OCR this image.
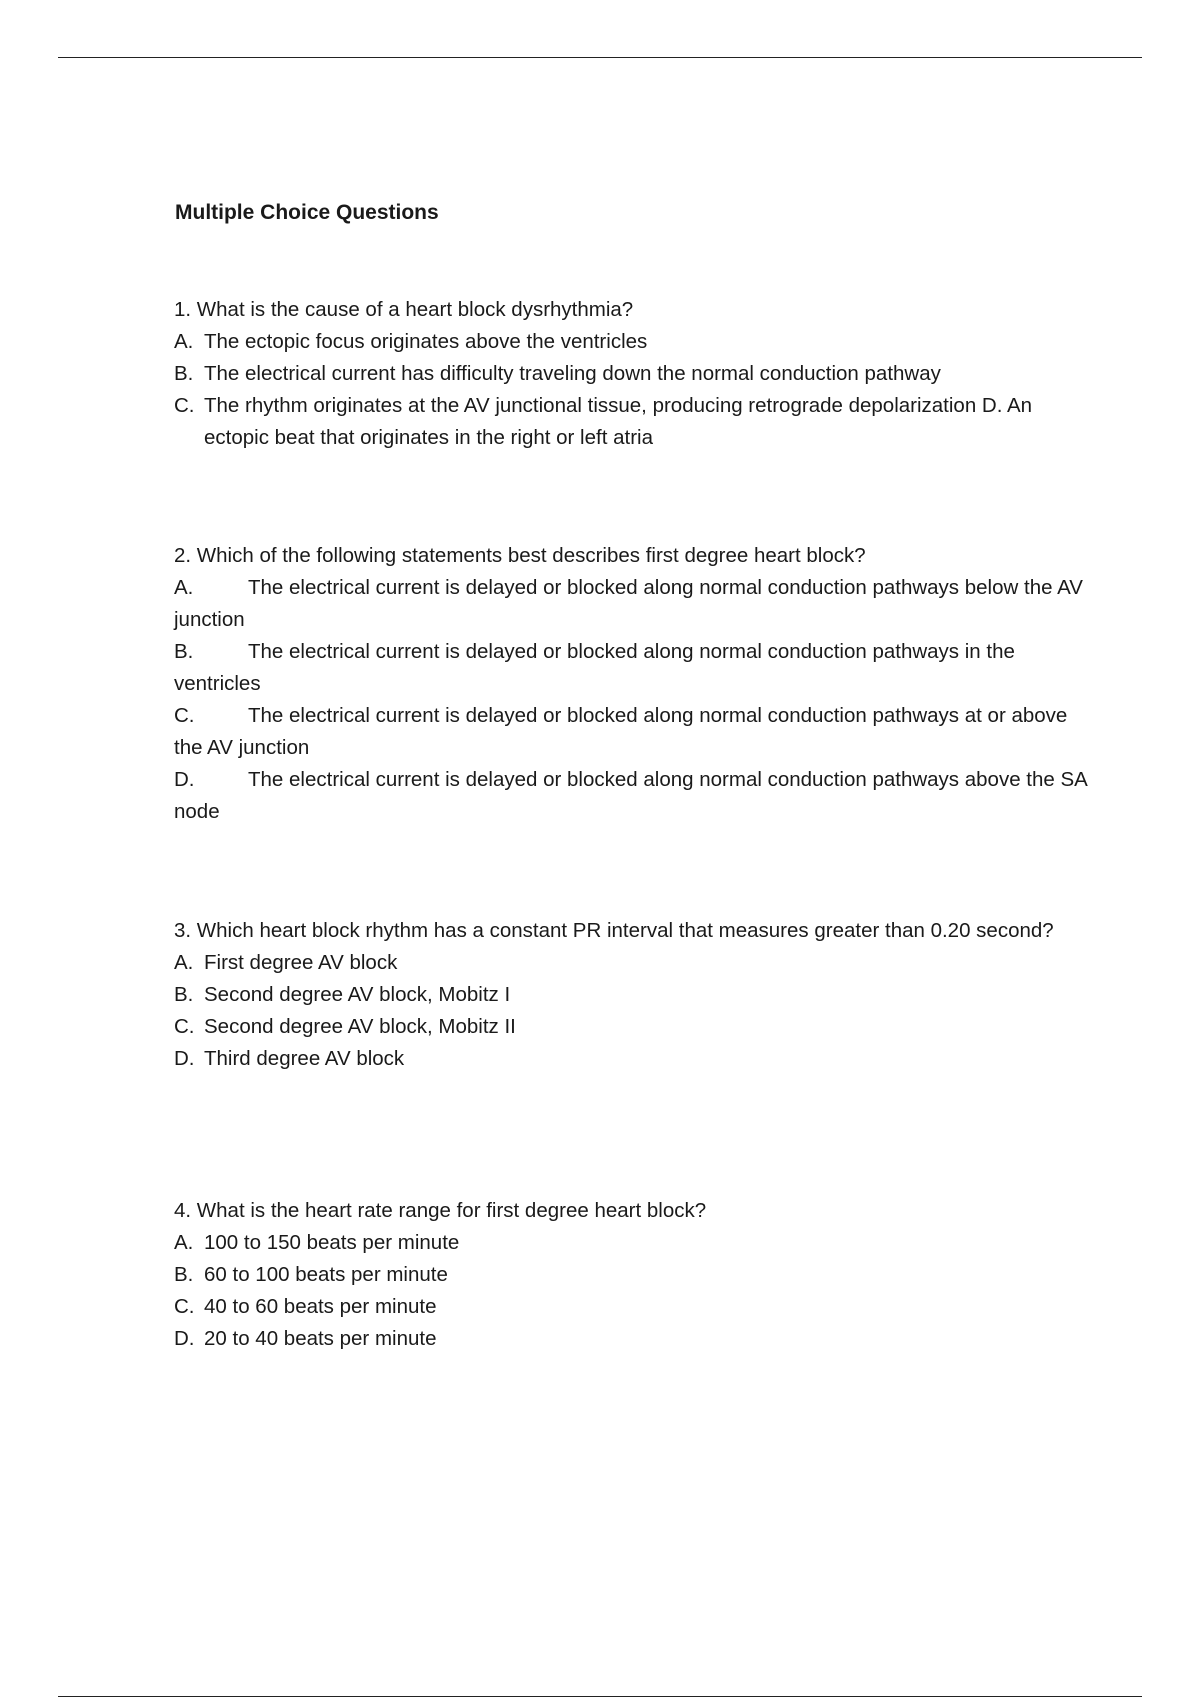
Multiple Choice Questions

1. What is the cause of a heart block dysrhythmia?

A. The ectopic focus originates above the ventricles
B. The electrical current has difficulty traveling down the normal conduction pathway
C. The rhythm originates at the AV junctional tissue, producing retrograde depolarization D. An ectopic beat that originates in the right or left atria

2. Which of the following statements best describes first degree heart block?

A.	The electrical current is delayed or blocked along normal conduction pathways below the AV junction
B.	The electrical current is delayed or blocked along normal conduction pathways in the ventricles
C.	The electrical current is delayed or blocked along normal conduction pathways at or above the AV junction
D.	The electrical current is delayed or blocked along normal conduction pathways above the SA node

3. Which heart block rhythm has a constant PR interval that measures greater than 0.20 second?

A. First degree AV block
B. Second degree AV block, Mobitz I
C. Second degree AV block, Mobitz II
D. Third degree AV block

4. What is the heart rate range for first degree heart block?

A. 100 to 150 beats per minute
B. 60 to 100 beats per minute
C. 40 to 60 beats per minute
D. 20 to 40 beats per minute
